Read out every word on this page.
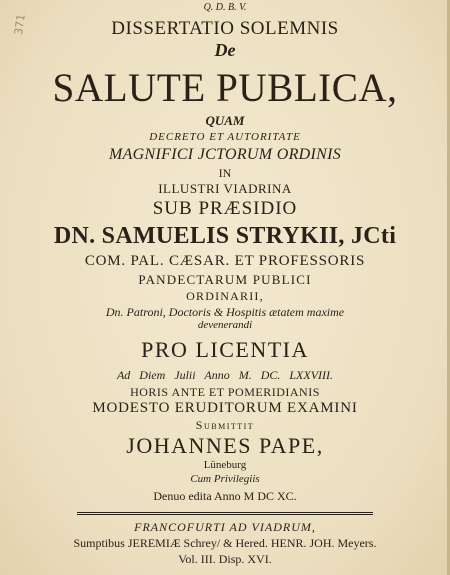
371
Q. D. B. V.
DISSERTATIO SOLEMNIS
De
SALUTE PUBLICA,
QUAM
DECRETO ET AUTORITATE
MAGNIFICI JCTORUM ORDINIS
IN
ILLUSTRI VIADRINA
SUB PRÆSIDIO
DN. SAMUELIS STRYKII, JCti
COM. PAL. CÆSAR. ET PROFESSORIS
PANDECTARUM PUBLICI
ORDINARII,
Dn. Patroni, Doctoris & Hospitis ætatem maxime
devenerandi
PRO LICENTIA
Ad Diem Julii Anno M. DC. LXXVIII.
HORIS ANTE ET POMERIDIANIS
MODESTO ERUDITORUM EXAMINI
Submittit
JOHANNES PAPE,
Lüneburg
Cum Privilegiis
Denuo edita Anno M DC XC.
FRANCOFURTI AD VIADRUM,
Sumptibus JEREMIÆ Schrey/ & Hered. HENR. JOH. Meyers.
Vol. III. Disp. XVI.
